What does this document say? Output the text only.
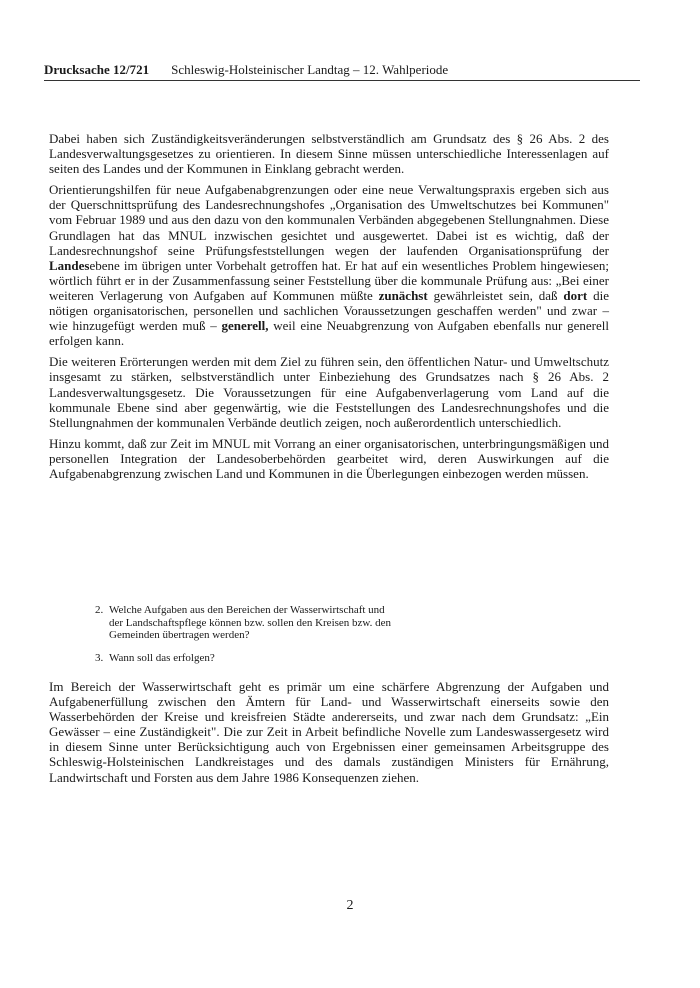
Drucksache 12/721 Schleswig-Holsteinischer Landtag – 12. Wahlperiode

Dabei haben sich Zuständigkeitsveränderungen selbstverständlich am Grundsatz des § 26 Abs. 2 des Landesverwaltungsgesetzes zu orientieren. In diesem Sinne müssen unterschiedliche Interessenlagen auf seiten des Landes und der Kommunen in Einklang gebracht werden.

Orientierungshilfen für neue Aufgabenabgrenzungen oder eine neue Verwaltungspraxis ergeben sich aus der Querschnittsprüfung des Landesrechnungshofes „Organisation des Umweltschutzes bei Kommunen" vom Februar 1989 und aus den dazu von den kommunalen Verbänden abgegebenen Stellungnahmen. Diese Grundlagen hat das MNUL inzwischen gesichtet und ausgewertet. Dabei ist es wichtig, daß der Landesrechnungshof seine Prüfungsfeststellungen wegen der laufenden Organisationsprüfung der Landesebene im übrigen unter Vorbehalt getroffen hat. Er hat auf ein wesentliches Problem hingewiesen; wörtlich führt er in der Zusammenfassung seiner Feststellung über die kommunale Prüfung aus: „Bei einer weiteren Verlagerung von Aufgaben auf Kommunen müßte zunächst gewährleistet sein, daß dort die nötigen organisatorischen, personellen und sachlichen Voraussetzungen geschaffen werden" und zwar – wie hinzugefügt werden muß – generell, weil eine Neuabgrenzung von Aufgaben ebenfalls nur generell erfolgen kann.

Die weiteren Erörterungen werden mit dem Ziel zu führen sein, den öffentlichen Natur- und Umweltschutz insgesamt zu stärken, selbstverständlich unter Einbeziehung des Grundsatzes nach § 26 Abs. 2 Landesverwaltungsgesetz. Die Voraussetzungen für eine Aufgabenverlagerung vom Land auf die kommunale Ebene sind aber gegenwärtig, wie die Feststellungen des Landesrechnungshofes und die Stellungnahmen der kommunalen Verbände deutlich zeigen, noch außerordentlich unterschiedlich.

Hinzu kommt, daß zur Zeit im MNUL mit Vorrang an einer organisatorischen, unterbringungsmäßigen und personellen Integration der Landesoberbehörden gearbeitet wird, deren Auswirkungen auf die Aufgabenabgrenzung zwischen Land und Kommunen in die Überlegungen einbezogen werden müssen.

2. Welche Aufgaben aus den Bereichen der Wasserwirtschaft und
der Landschaftspflege können bzw. sollen den Kreisen bzw. den
Gemeinden übertragen werden?
3. Wann soll das erfolgen?

Im Bereich der Wasserwirtschaft geht es primär um eine schärfere Abgrenzung der Aufgaben und Aufgabenerfüllung zwischen den Ämtern für Land- und Wasserwirtschaft einerseits sowie den Wasserbehörden der Kreise und kreisfreien Städte andererseits, und zwar nach dem Grundsatz: „Ein Gewässer – eine Zuständigkeit". Die zur Zeit in Arbeit befindliche Novelle zum Landeswassergesetz wird in diesem Sinne unter Berücksichtigung auch von Ergebnissen einer gemeinsamen Arbeitsgruppe des Schleswig-Holsteinischen Landkreistages und des damals zuständigen Ministers für Ernährung, Landwirtschaft und Forsten aus dem Jahre 1986 Konsequenzen ziehen.

2
